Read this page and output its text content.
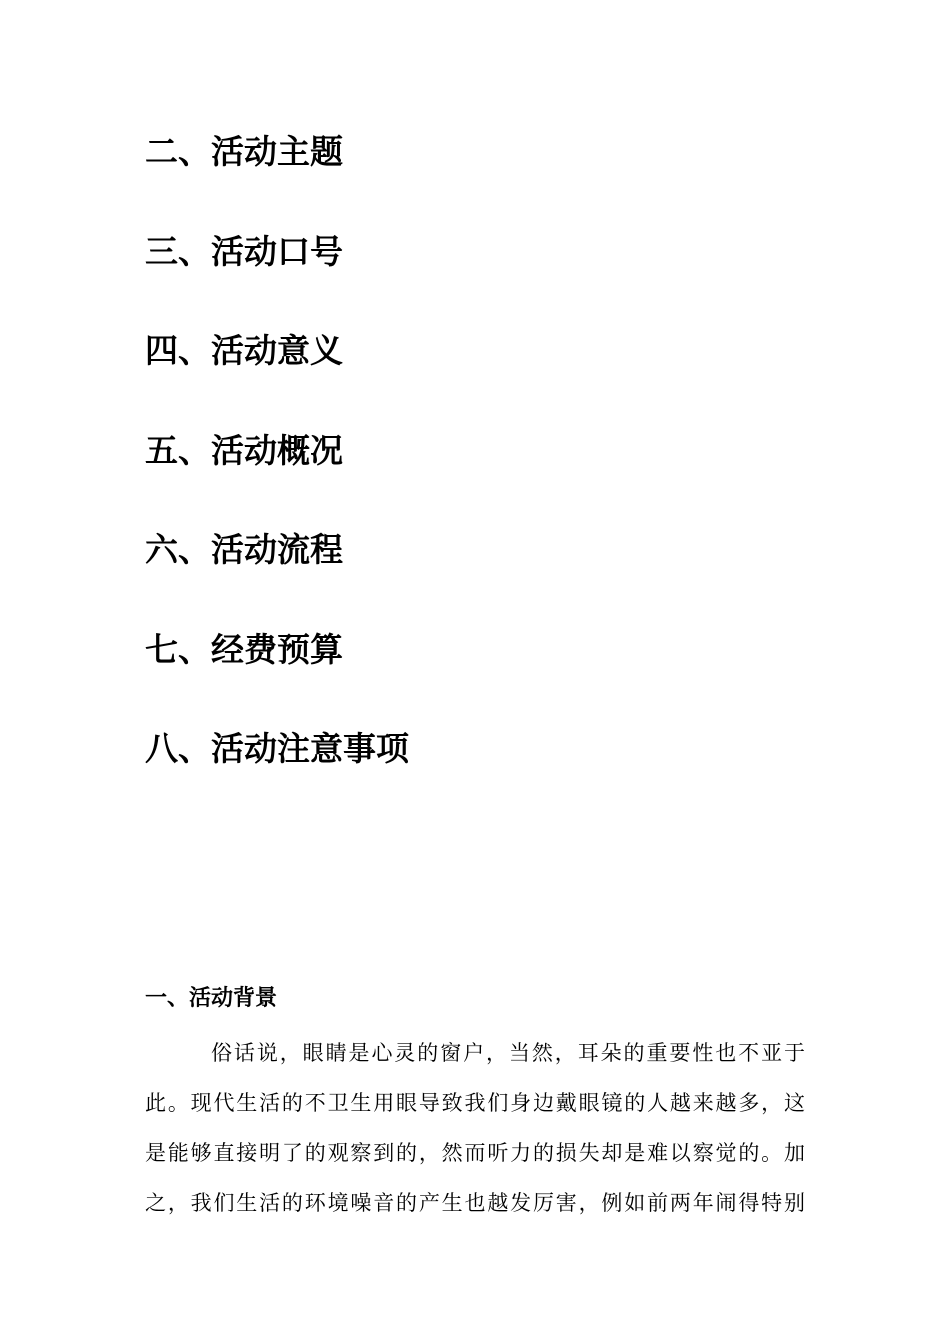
二、活动主题
三、活动口号
四、活动意义
五、活动概况
六、活动流程
七、经费预算
八、活动注意事项
一、活动背景
俗话说，眼睛是心灵的窗户，当然，耳朵的重要性也不亚于
此。现代生活的不卫生用眼导致我们身边戴眼镜的人越来越多，这
是能够直接明了的观察到的，然而听力的损失却是难以察觉的。加
之，我们生活的环境噪音的产生也越发厉害，例如前两年闹得特别
